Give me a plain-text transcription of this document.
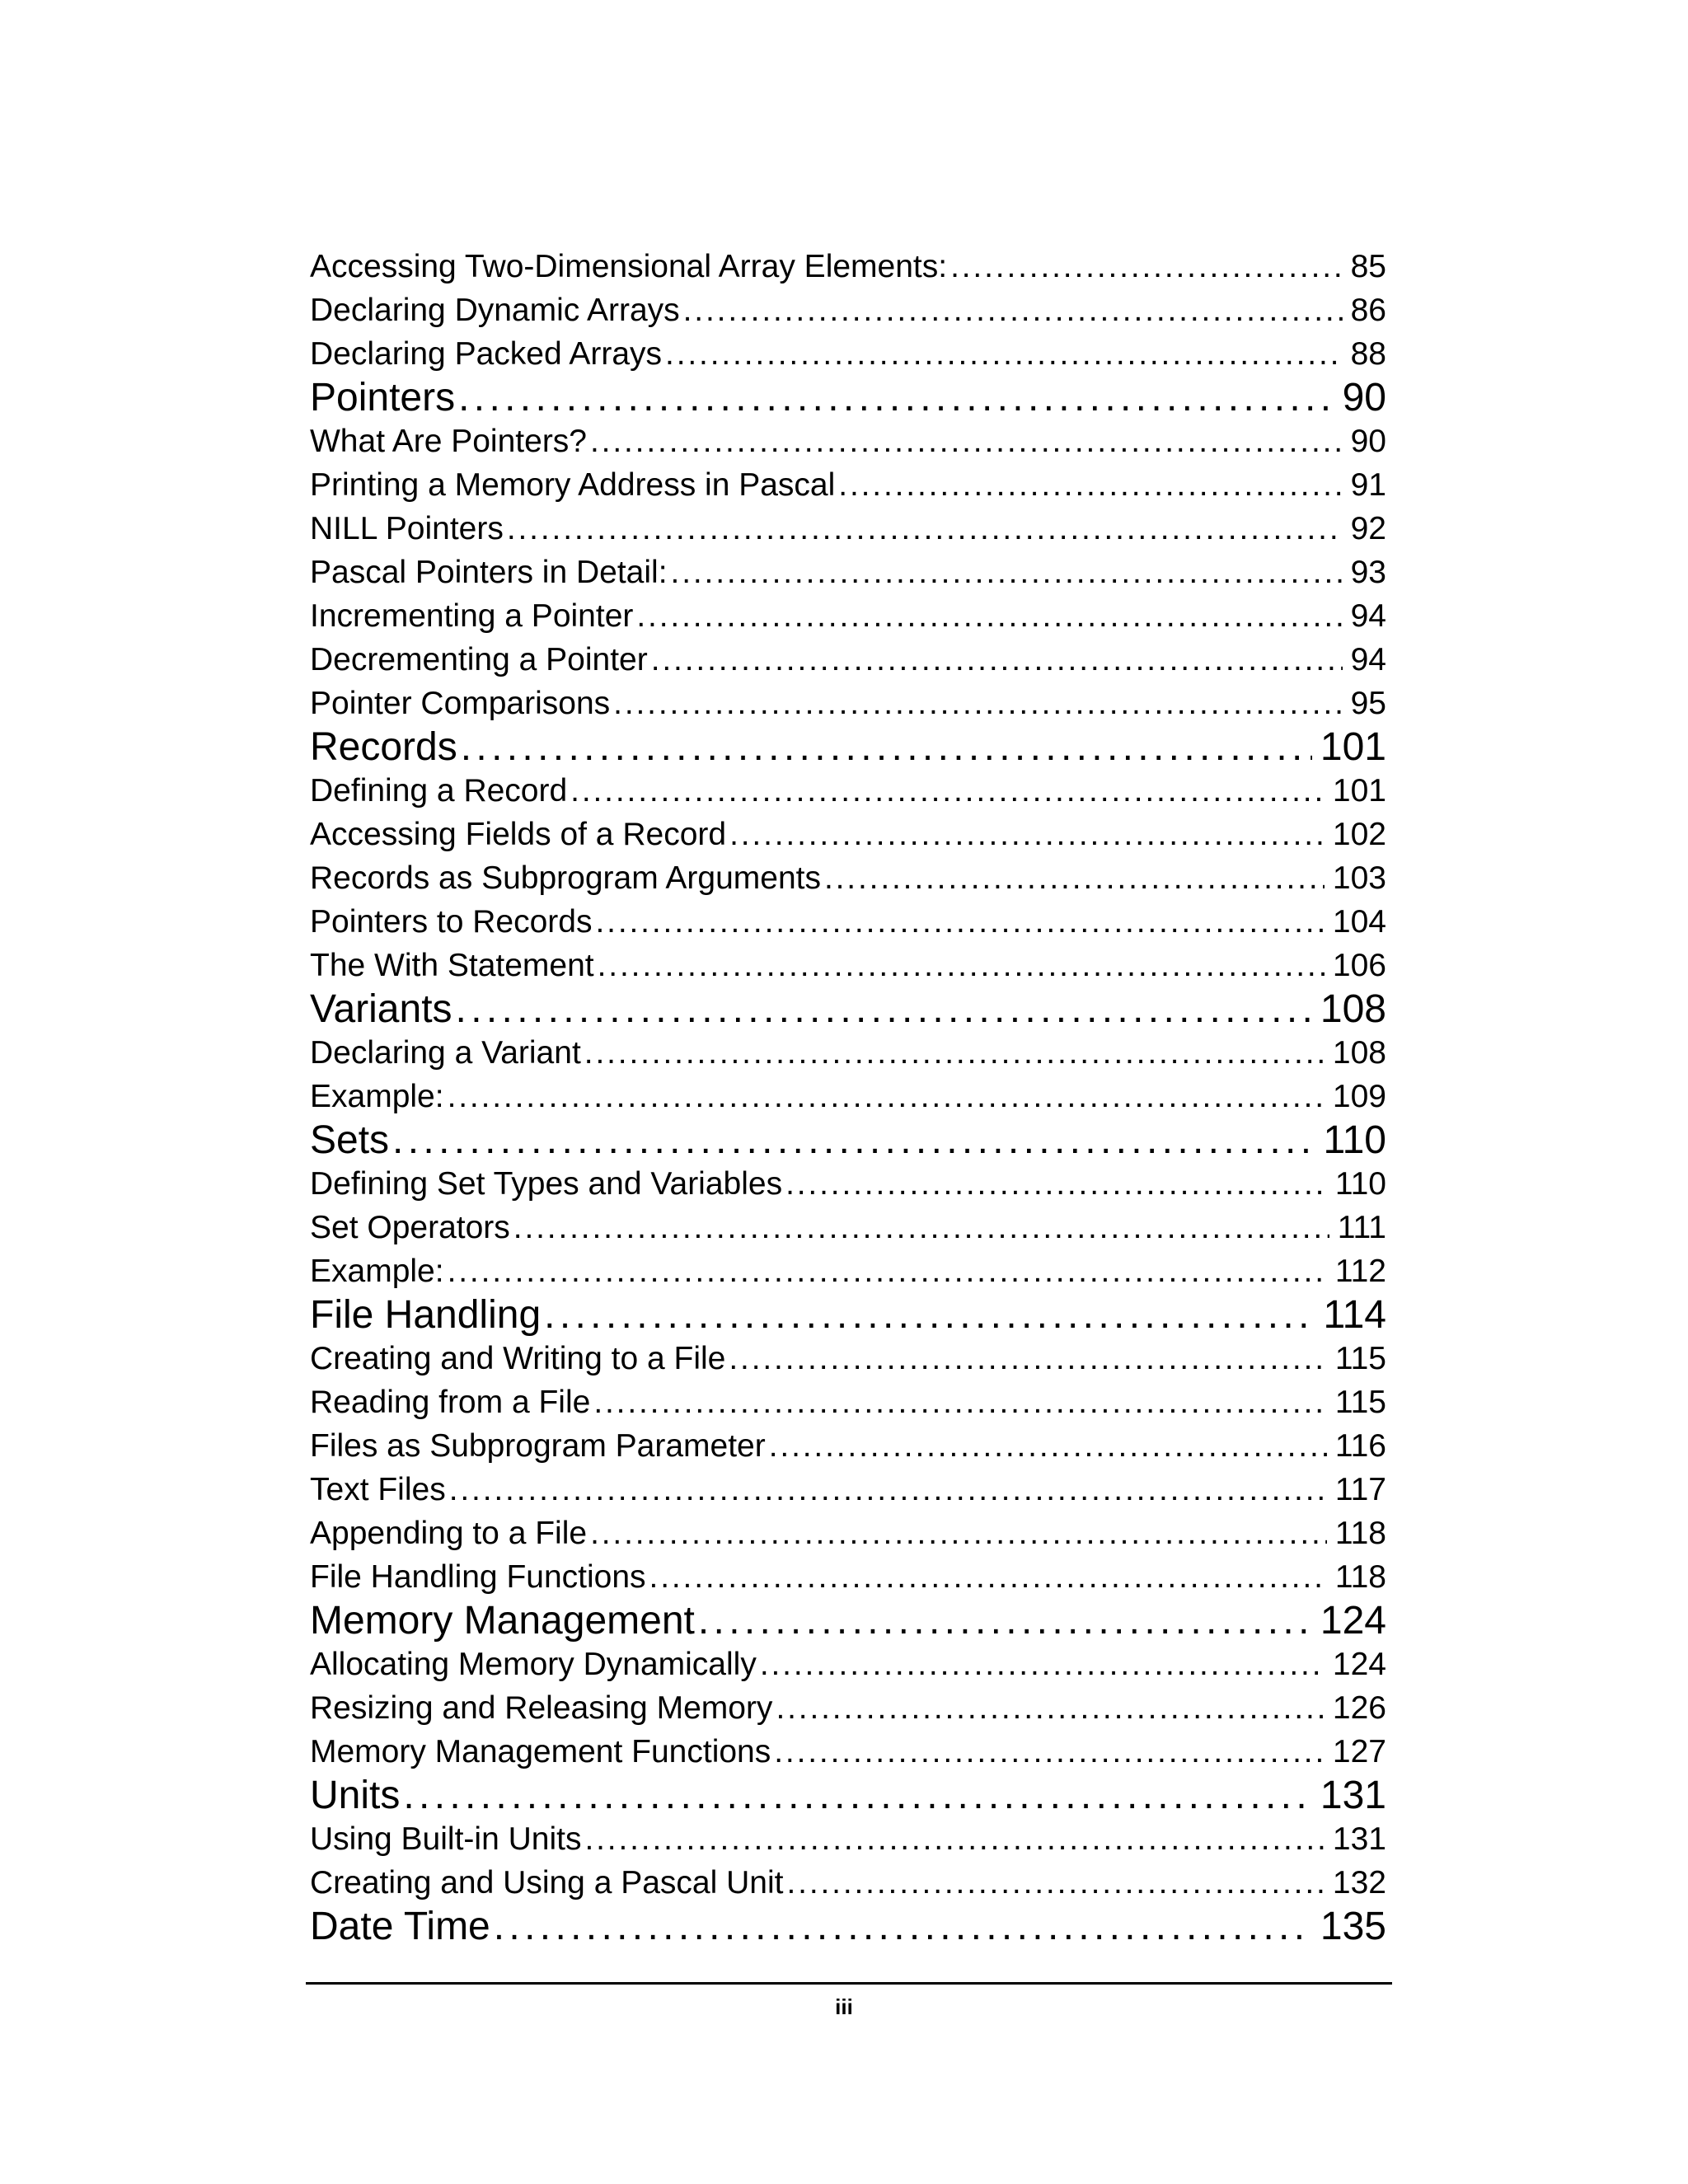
Accessing Two-Dimensional Array Elements: . . .	85
Declaring Dynamic Arrays . . .	86
Declaring Packed Arrays . . .	88
Pointers . . .	90
What Are Pointers? . . .	90
Printing a Memory Address in Pascal . . .	91
NILL Pointers . . .	92
Pascal Pointers in Detail: . . .	93
Incrementing a Pointer . . .	94
Decrementing a Pointer . . .	94
Pointer Comparisons . . .	95
Records . . .	101
Defining a Record . . .	101
Accessing Fields of a Record . . .	102
Records as Subprogram Arguments . . .	103
Pointers to Records . . .	104
The With Statement . . .	106
Variants . . .	108
Declaring a Variant . . .	108
Example: . . .	109
Sets . . .	110
Defining Set Types and Variables . . .	110
Set Operators . . .	111
Example: . . .	112
File Handling . . .	114
Creating and Writing to a File . . .	115
Reading from a File . . .	115
Files as Subprogram Parameter . . .	116
Text Files . . .	117
Appending to a File . . .	118
File Handling Functions . . .	118
Memory Management . . .	124
Allocating Memory Dynamically . . .	124
Resizing and Releasing Memory . . .	126
Memory Management Functions . . .	127
Units . . .	131
Using Built-in Units . . .	131
Creating and Using a Pascal Unit . . .	132
Date Time . . .	135
iii
